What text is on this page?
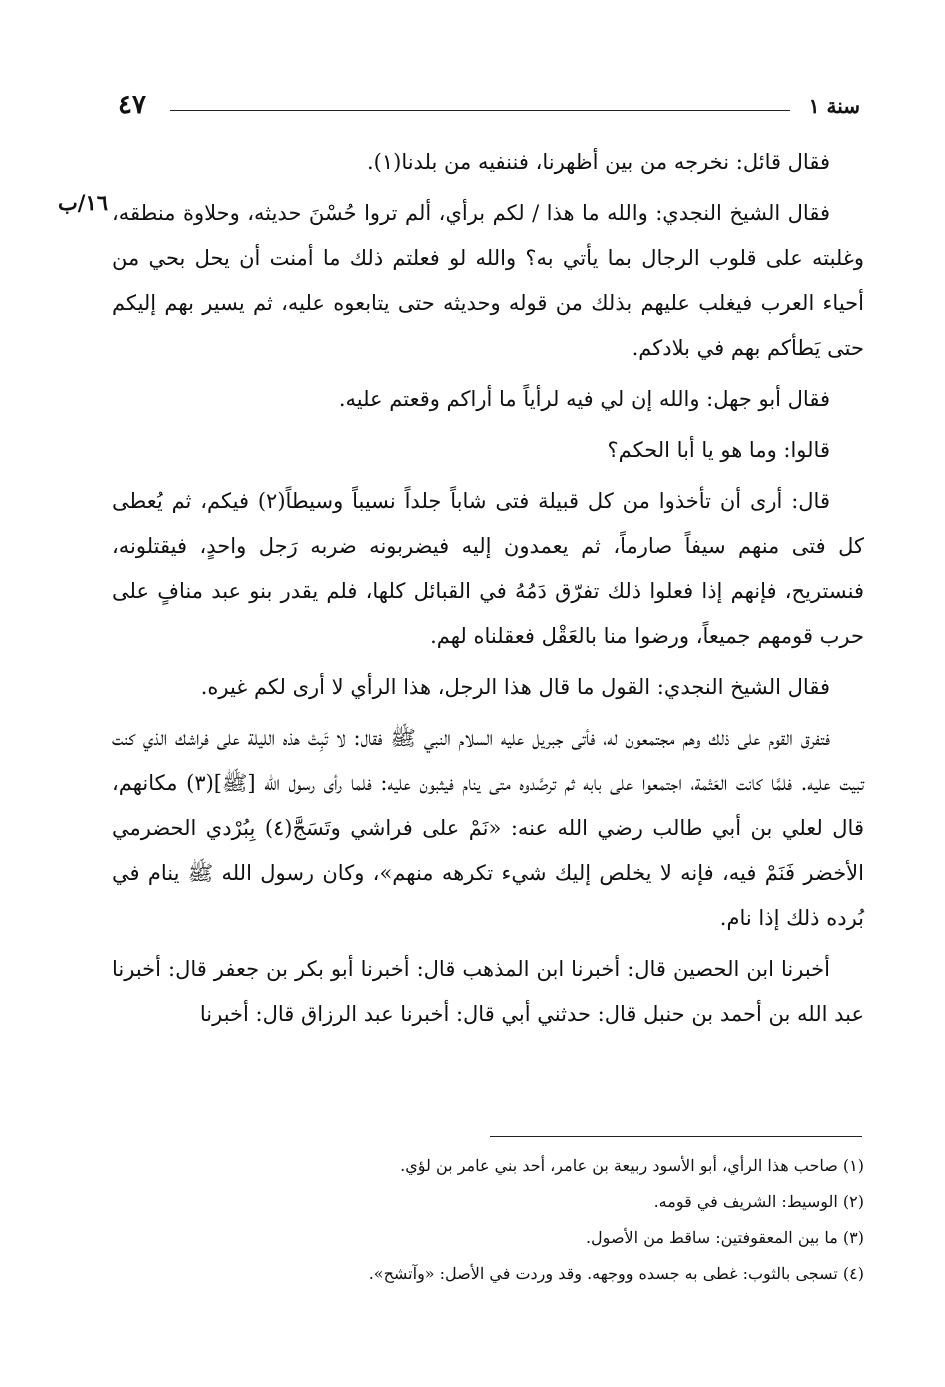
٤٧	سنة ١
١٦/ب

فقال قائل: نخرجه من بين أظهرنا، فننفيه من بلدنا(١).

فقال الشيخ النجدي: والله ما هذا / لكم برأي، ألم تروا حُسْنَ حديثه، وحلاوة منطقه، وغلبته على قلوب الرجال بما يأتي به؟ والله لو فعلتم ذلك ما أمنت أن يحل بحي من أحياء العرب فيغلب عليهم بذلك من قوله وحديثه حتى يتابعوه عليه، ثم يسير بهم إليكم حتى يَطأكم بهم في بلادكم.

فقال أبو جهل: والله إن لي فيه لرأياً ما أراكم وقعتم عليه.

قالوا: وما هو يا أبا الحكم؟

قال: أرى أن تأخذوا من كل قبيلة فتى شاباً جلداً نسيباً وسيطاً(٢) فيكم، ثم يُعطى كل فتى منهم سيفاً صارماً، ثم يعمدون إليه فيضربونه ضربه رَجل واحدٍ، فيقتلونه، فنستريح، فإنهم إذا فعلوا ذلك تفرّق دَمُهُ في القبائل كلها، فلم يقدر بنو عبد منافٍ على حرب قومهم جميعاً، ورضوا منا بالعَقْل فعقلناه لهم.

فقال الشيخ النجدي: القول ما قال هذا الرجل، هذا الرأي لا أرى لكم غيره.

فتفرق القوم على ذلك وهم مجتمعون له، فأتى جبريل عليه السلام النبي ﷺ فقال: لا تَبِتْ هذه الليلة على فراشك الذي كنت تبيت عليه. فلمَّا كانت العَتْمة، اجتمعوا على بابه ثم ترصَّدوه متى ينام فيثبون عليه: فلما رأى رسول الله [ﷺ](٣) مكانهم، قال لعلي بن أبي طالب رضي الله عنه: «نَمْ على فراشي وتَسَجَّ(٤) بِبُرْدي الحضرمي الأخضر فَنَمْ فيه، فإنه لا يخلص إليك شيء تكرهه منهم»، وكان رسول الله ﷺ ينام في بُرده ذلك إذا نام.

أخبرنا ابن الحصين قال: أخبرنا ابن المذهب قال: أخبرنا أبو بكر بن جعفر قال: أخبرنا عبد الله بن أحمد بن حنبل قال: حدثني أبي قال: أخبرنا عبد الرزاق قال: أخبرنا

(١) صاحب هذا الرأي، أبو الأسود ربيعة بن عامر، أحد بني عامر بن لؤي.

(٢) الوسيط: الشريف في قومه.

(٣) ما بين المعقوفتين: ساقط من الأصول.

(٤) تسجى بالثوب: غطى به جسده ووجهه. وقد وردت في الأصل: «وآتشح».
